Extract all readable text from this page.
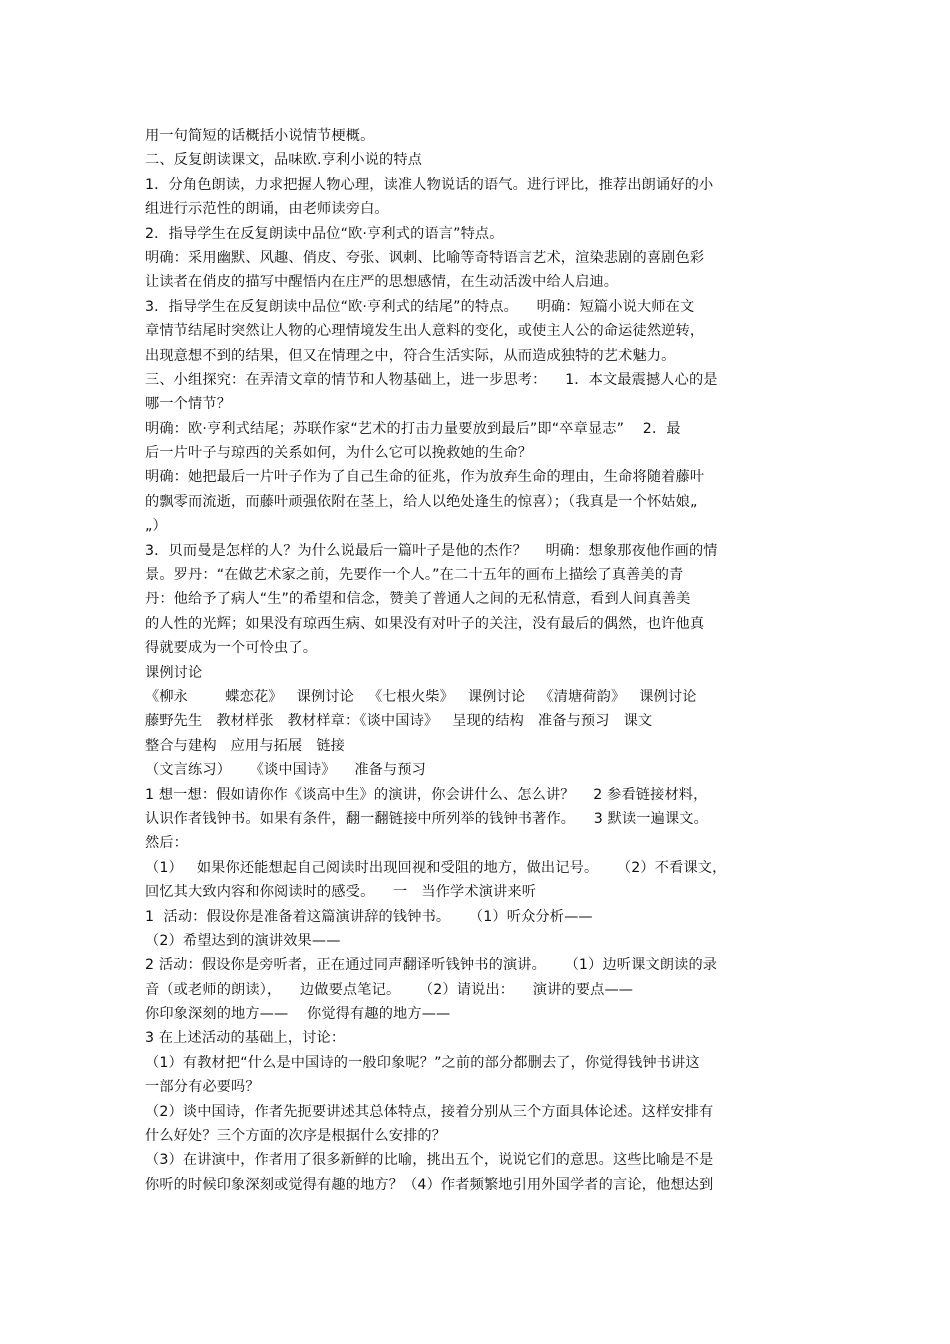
用一句简短的话概括小说情节梗概。
二、反复朗读课文，品味欧.亨利小说的特点
1．分角色朗读，力求把握人物心理，读准人物说话的语气。进行评比，推荐出朗诵好的小
组进行示范性的朗诵，由老师读旁白。
2．指导学生在反复朗读中品位“欧·亨利式的语言”特点。
明确：采用幽默、风趣、俏皮、夸张、讽刺、比喻等奇特语言艺术，渲染悲剧的喜剧色彩
让读者在俏皮的描写中醒悟内在庄严的思想感情，在生动活泼中给人启迪。
3．指导学生在反复朗读中品位“欧·亨利式的结尾”的特点。    明确：短篇小说大师在文
章情节结尾时突然让人物的心理情境发生出人意料的变化，或使主人公的命运徒然逆转，
出现意想不到的结果，但又在情理之中，符合生活实际，从而造成独特的艺术魅力。
三、小组探究：在弄清文章的情节和人物基础上，进一步思考：    1．本文最震撼人心的是
哪一个情节？
明确：欧·亨利式结尾；苏联作家“艺术的打击力量要放到最后”即“卒章显志”    2．最
后一片叶子与琼西的关系如何，为什么它可以挽救她的生命？
明确：她把最后一片叶子作为了自己生命的征兆，作为放弃生命的理由，生命将随着藤叶
的飘零而流逝，而藤叶顽强依附在茎上，给人以绝处逢生的惊喜）；（我真是一个怀姑娘„
„）
3．贝而曼是怎样的人？为什么说最后一篇叶子是他的杰作？    明确：想象那夜他作画的情
景。罗丹：“在做艺术家之前，先要作一个人。”在二十五年的画布上描绘了真善美的青
丹：他给予了病人“生”的希望和信念，赞美了普通人之间的无私情意，看到人间真善美
的人性的光辉；如果没有琼西生病、如果没有对叶子的关注，没有最后的偶然，也许他真
得就要成为一个可怜虫了。
课例讨论
《柳永        蝶恋花》   课例讨论   《七根火柴》   课例讨论   《清塘荷韵》   课例讨论
藤野先生   教材样张   教材样章：《谈中国诗》   呈现的结构   准备与预习   课文
整合与建构   应用与拓展   链接
（文言练习）    《谈中国诗》    准备与预习
1 想一想：假如请你作《谈高中生》的演讲，你会讲什么、怎么讲？    2 参看链接材料，
认识作者钱钟书。如果有条件，翻一翻链接中所列举的钱钟书著作。    3 默读一遍课文。
然后：
（1）   如果你还能想起自己阅读时出现回视和受阻的地方，做出记号。    （2）不看课文，
回忆其大致内容和你阅读时的感受。    一   当作学术演讲来听
1  活动：假设你是准备着这篇演讲辞的钱钟书。    （1）听众分析——
（2）希望达到的演讲效果——
2 活动：假设你是旁听者，正在通过同声翻译听钱钟书的演讲。    （1）边听课文朗读的录
音（或老师的朗读），    边做要点笔记。    （2）请说出：    演讲的要点——
你印象深刻的地方——    你觉得有趣的地方——
3 在上述活动的基础上，讨论：
（1）有教材把“什么是中国诗的一般印象呢？”之前的部分都删去了，你觉得钱钟书讲这
一部分有必要吗？
（2）谈中国诗，作者先扼要讲述其总体特点，接着分别从三个方面具体论述。这样安排有
什么好处？三个方面的次序是根据什么安排的？
（3）在讲演中，作者用了很多新鲜的比喻，挑出五个，说说它们的意思。这些比喻是不是
你听的时候印象深刻或觉得有趣的地方？（4）作者频繁地引用外国学者的言论，他想达到
